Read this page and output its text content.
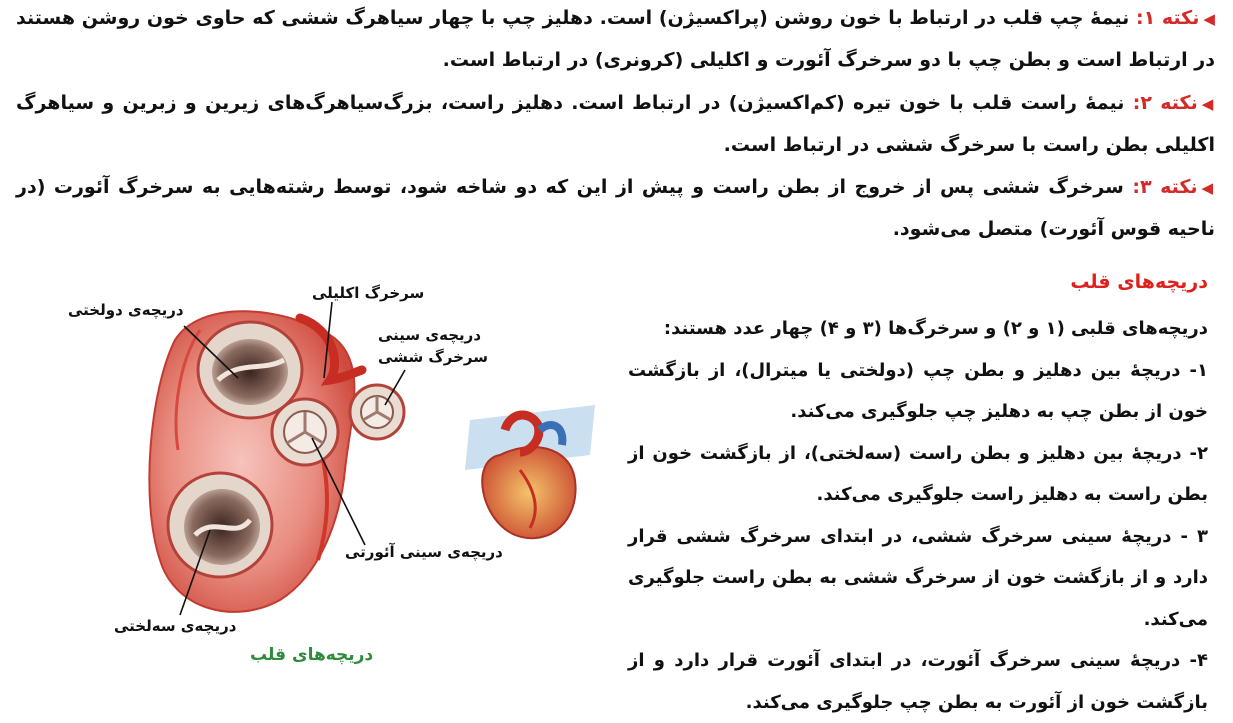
◀نکته ۱: نیمهٔ چپ قلب در ارتباط با خون روشن (پراکسیژن) است. دهلیز چپ با چهار سیاهرگ ششی که حاوی خون روشن هستند در ارتباط است و بطن چپ با دو سرخرگ آئورت و اکلیلی (کرونری) در ارتباط است.
◀نکته ۲: نیمهٔ راست قلب با خون تیره (کم‌اکسیژن) در ارتباط است. دهلیز راست، بزرگ‌سیاهرگ‌های زیرین و زبرین و سیاهرگ اکلیلی بطن راست با سرخرگ ششی در ارتباط است.
◀نکته ۳: سرخرگ ششی پس از خروج از بطن راست و پیش از این که دو شاخه شود، توسط رشته‌هایی به سرخرگ آئورت (در ناحیه قوس آئورت) متصل می‌شود.
دریچه‌های قلب

دریچه‌های قلبی (۱ و ۲) و سرخرگ‌ها (۳ و ۴) چهار عدد هستند:

۱- دریچهٔ بین دهلیز و بطن چپ (دولختی یا میترال)، از بازگشت خون از بطن چپ به دهلیز چپ جلوگیری می‌کند.

۲- دریچهٔ بین دهلیز و بطن راست (سه‌لختی)، از بازگشت خون از بطن راست به دهلیز راست جلوگیری می‌کند.

۳ - دریچهٔ سینی سرخرگ ششی، در ابتدای سرخرگ ششی قرار دارد و از بازگشت خون از سرخرگ ششی به بطن راست جلوگیری می‌کند.

۴- دریچهٔ سینی سرخرگ آئورت، در ابتدای آئورت قرار دارد و از بازگشت خون از آئورت به بطن چپ جلوگیری می‌کند.

دریچه‌ی دولختی
سرخرگ اکلیلی
دریچه‌ی سینی
سرخرگ ششی
دریچه‌ی سینی آئورتی
دریچه‌ی سه‌لختی
دریچه‌های قلب
